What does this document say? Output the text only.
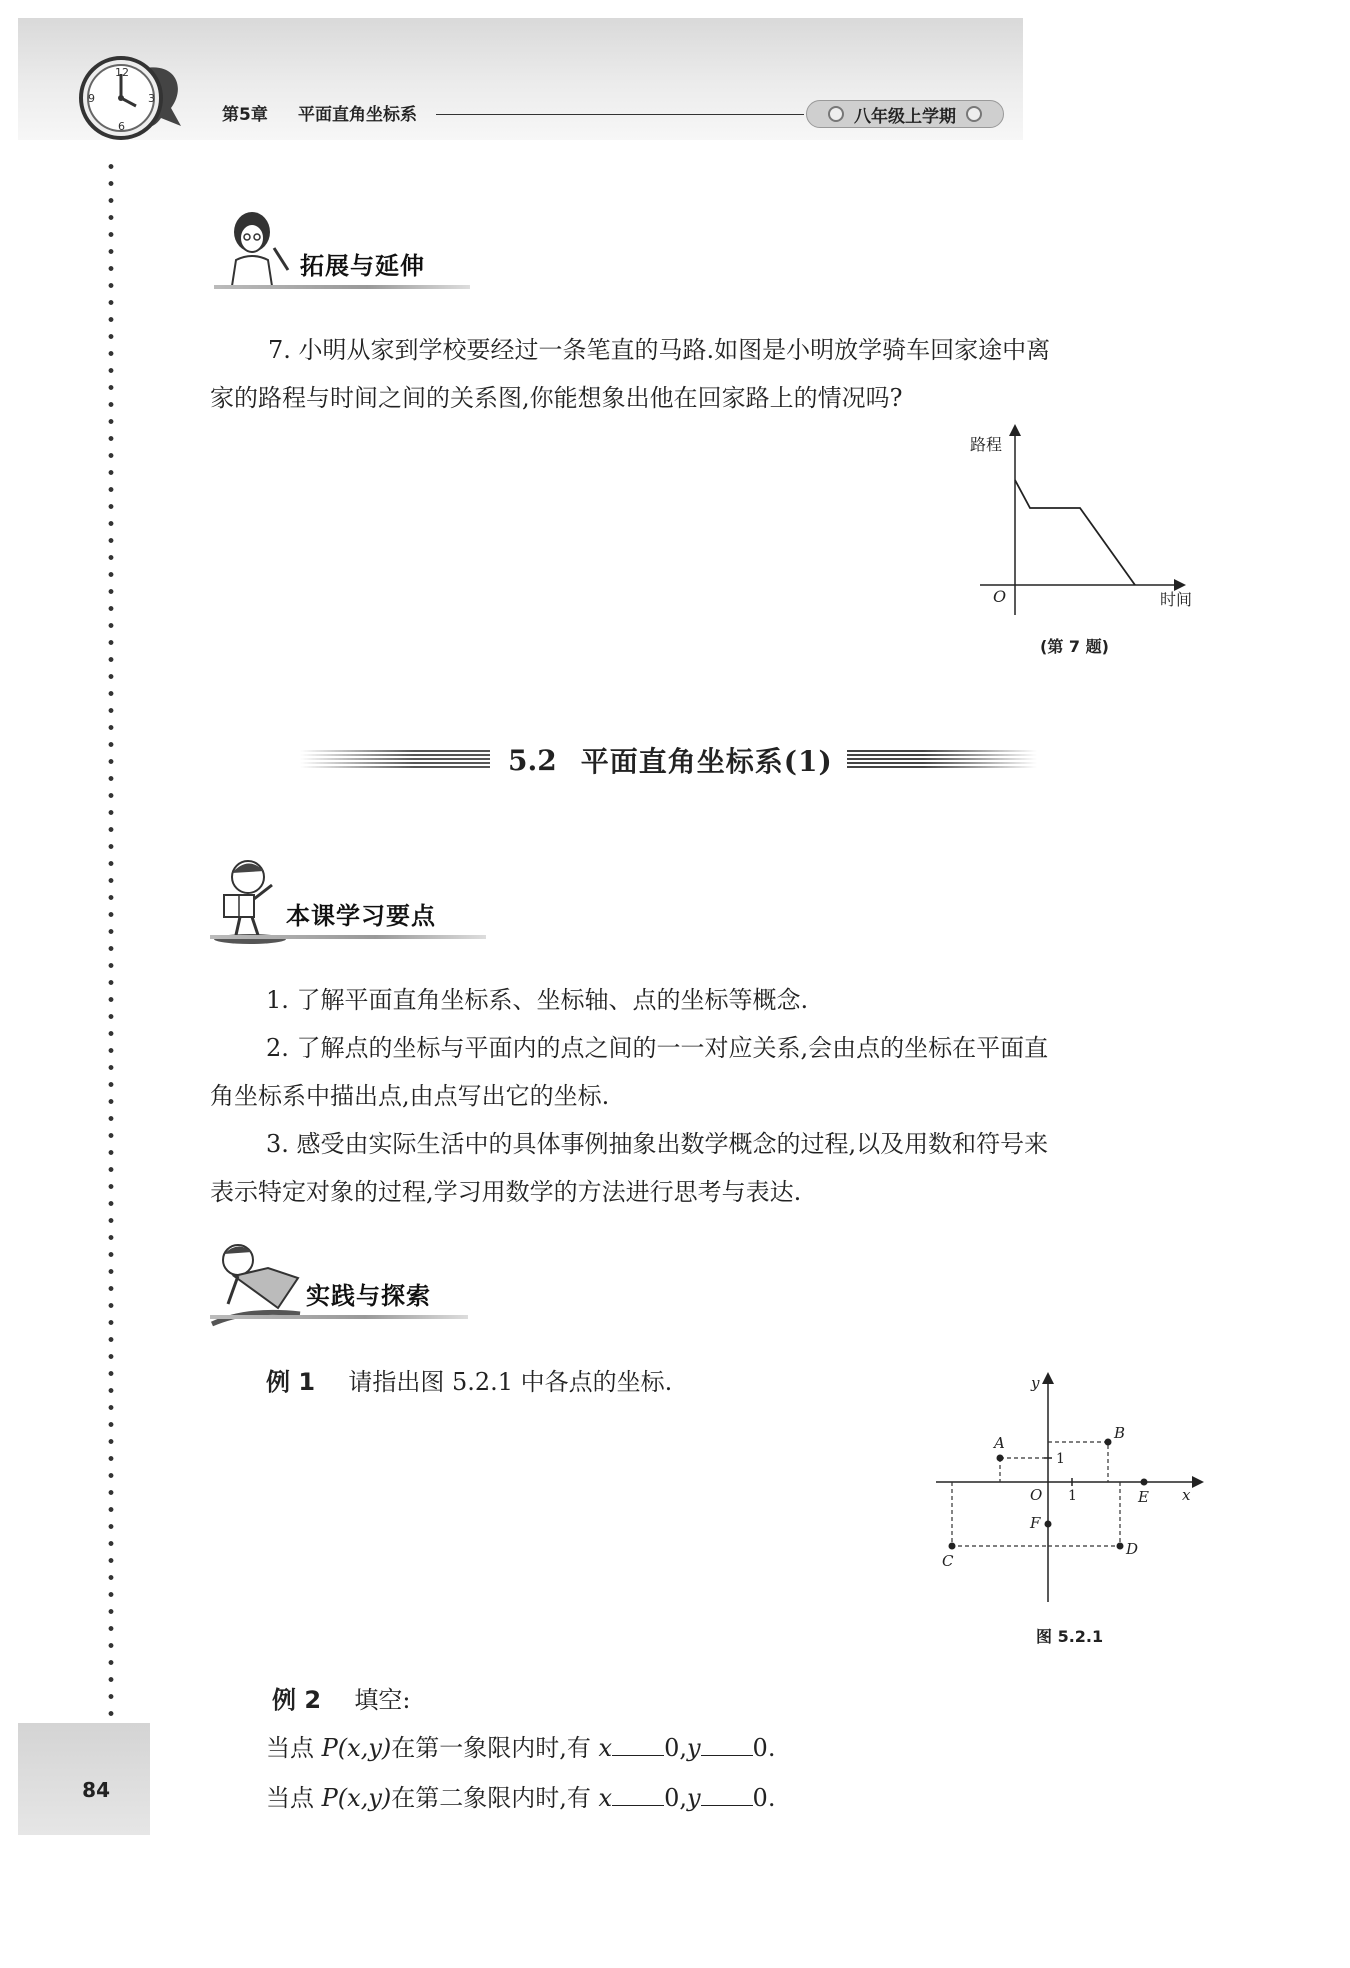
12
3
6
9
第5章 平面直角坐标系	八年级上学期
84
拓展与延伸
7. 小明从家到学校要经过一条笔直的马路.如图是小明放学骑车回家途中离
家的路程与时间之间的关系图,你能想象出他在回家路上的情况吗?
路程
时间
O
(第 7 题)
5.2 平面直角坐标系(1)
本课学习要点
1. 了解平面直角坐标系、坐标轴、点的坐标等概念.
2. 了解点的坐标与平面内的点之间的一一对应关系,会由点的坐标在平面直
角坐标系中描出点,由点写出它的坐标.
3. 感受由实际生活中的具体事例抽象出数学概念的过程,以及用数和符号来
表示特定对象的过程,学习用数学的方法进行思考与表达.
实践与探索
例 1 请指出图 5.2.1 中各点的坐标.	y
x
O
A
B
C
D
E
F
1
1
图 5.2.1
例 2 填空:
当点 P(x,y)在第一象限内时,有 x 0,y 0.
当点 P(x,y)在第二象限内时,有 x 0,y 0.
